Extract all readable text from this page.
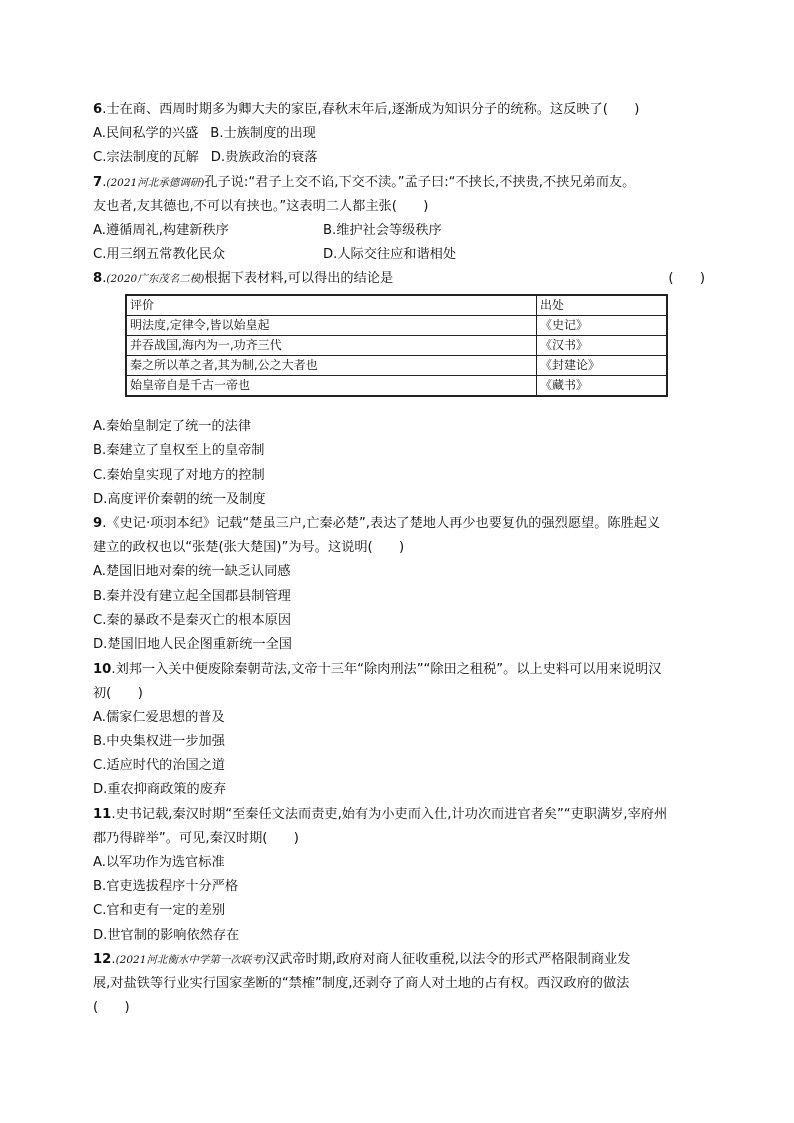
6.士在商、西周时期多为卿大夫的家臣,春秋末年后,逐渐成为知识分子的统称。这反映了(　　)
A.民间私学的兴盛 B.士族制度的出现
C.宗法制度的瓦解 D.贵族政治的衰落
7.(2021河北承德调研)孔子说:“君子上交不谄,下交不渎。”孟子曰:“不挟长,不挟贵,不挟兄弟而友。
友也者,友其德也,不可以有挟也。”这表明二人都主张(　　)
A.遵循周礼,构建新秩序	B.维护社会等级秩序
C.用三纲五常教化民众	D.人际交往应和谐相处
8.(2020广东茂名二模)根据下表材料,可以得出的结论是	(　　)
评价	出处
明法度,定律令,皆以始皇起	《史记》
并吞战国,海内为一,功齐三代	《汉书》
秦之所以革之者,其为制,公之大者也	《封建论》
始皇帝自是千古一帝也	《藏书》
A.秦始皇制定了统一的法律
B.秦建立了皇权至上的皇帝制
C.秦始皇实现了对地方的控制
D.高度评价秦朝的统一及制度
9.《史记·项羽本纪》记载“楚虽三户,亡秦必楚”,表达了楚地人再少也要复仇的强烈愿望。陈胜起义
建立的政权也以“张楚(张大楚国)”为号。这说明(　　)
A.楚国旧地对秦的统一缺乏认同感
B.秦并没有建立起全国郡县制管理
C.秦的暴政不是秦灭亡的根本原因
D.楚国旧地人民企图重新统一全国
10.刘邦一入关中便废除秦朝苛法,文帝十三年“除肉刑法”“除田之租税”。以上史料可以用来说明汉
初(　　)
A.儒家仁爱思想的普及
B.中央集权进一步加强
C.适应时代的治国之道
D.重农抑商政策的废弃
11.史书记载,秦汉时期“至秦任文法而责吏,始有为小吏而入仕,计功次而进官者矣”“吏职满岁,宰府州
郡乃得辟举”。可见,秦汉时期(　　)
A.以军功作为选官标准
B.官吏选拔程序十分严格
C.官和吏有一定的差别
D.世官制的影响依然存在
12.(2021河北衡水中学第一次联考)汉武帝时期,政府对商人征收重税,以法令的形式严格限制商业发
展,对盐铁等行业实行国家垄断的“禁榷”制度,还剥夺了商人对土地的占有权。西汉政府的做法
(　　)
